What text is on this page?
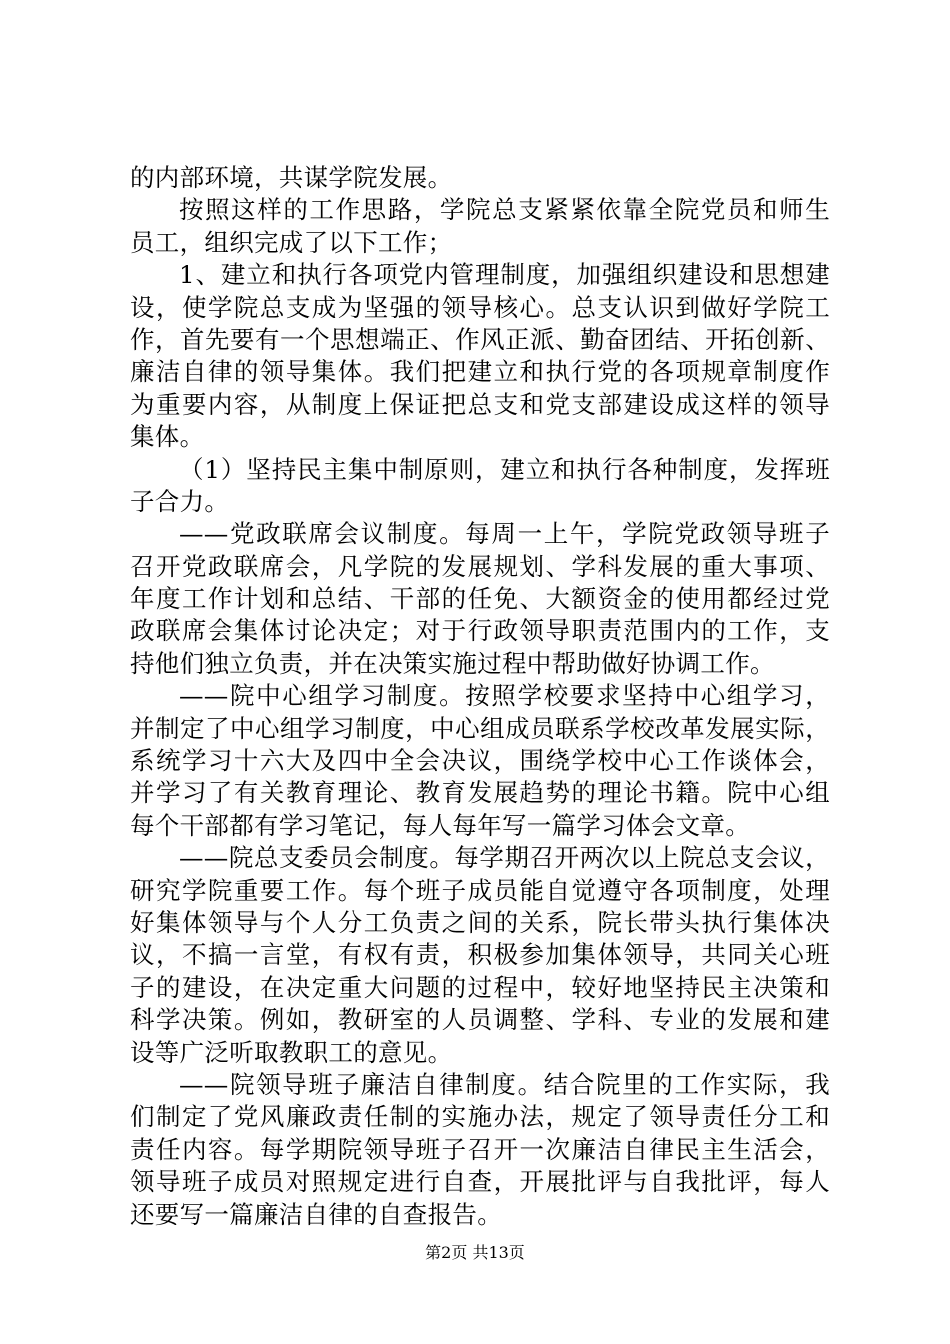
的内部环境，共谋学院发展。
按照这样的工作思路，学院总支紧紧依靠全院党员和师生
员工，组织完成了以下工作；
1、建立和执行各项党内管理制度，加强组织建设和思想建
设，使学院总支成为坚强的领导核心。总支认识到做好学院工
作，首先要有一个思想端正、作风正派、勤奋团结、开拓创新、
廉洁自律的领导集体。我们把建立和执行党的各项规章制度作
为重要内容，从制度上保证把总支和党支部建设成这样的领导
集体。
（1）坚持民主集中制原则，建立和执行各种制度，发挥班
子合力。
——党政联席会议制度。每周一上午，学院党政领导班子
召开党政联席会，凡学院的发展规划、学科发展的重大事项、
年度工作计划和总结、干部的任免、大额资金的使用都经过党
政联席会集体讨论决定；对于行政领导职责范围内的工作，支
持他们独立负责，并在决策实施过程中帮助做好协调工作。
——院中心组学习制度。按照学校要求坚持中心组学习，
并制定了中心组学习制度，中心组成员联系学校改革发展实际，
系统学习十六大及四中全会决议，围绕学校中心工作谈体会，
并学习了有关教育理论、教育发展趋势的理论书籍。院中心组
每个干部都有学习笔记，每人每年写一篇学习体会文章。
——院总支委员会制度。每学期召开两次以上院总支会议，
研究学院重要工作。每个班子成员能自觉遵守各项制度，处理
好集体领导与个人分工负责之间的关系，院长带头执行集体决
议，不搞一言堂，有权有责，积极参加集体领导，共同关心班
子的建设，在决定重大问题的过程中，较好地坚持民主决策和
科学决策。例如，教研室的人员调整、学科、专业的发展和建
设等广泛听取教职工的意见。
——院领导班子廉洁自律制度。结合院里的工作实际，我
们制定了党风廉政责任制的实施办法，规定了领导责任分工和
责任内容。每学期院领导班子召开一次廉洁自律民主生活会，
领导班子成员对照规定进行自查，开展批评与自我批评，每人
还要写一篇廉洁自律的自查报告。
第2页 共13页
